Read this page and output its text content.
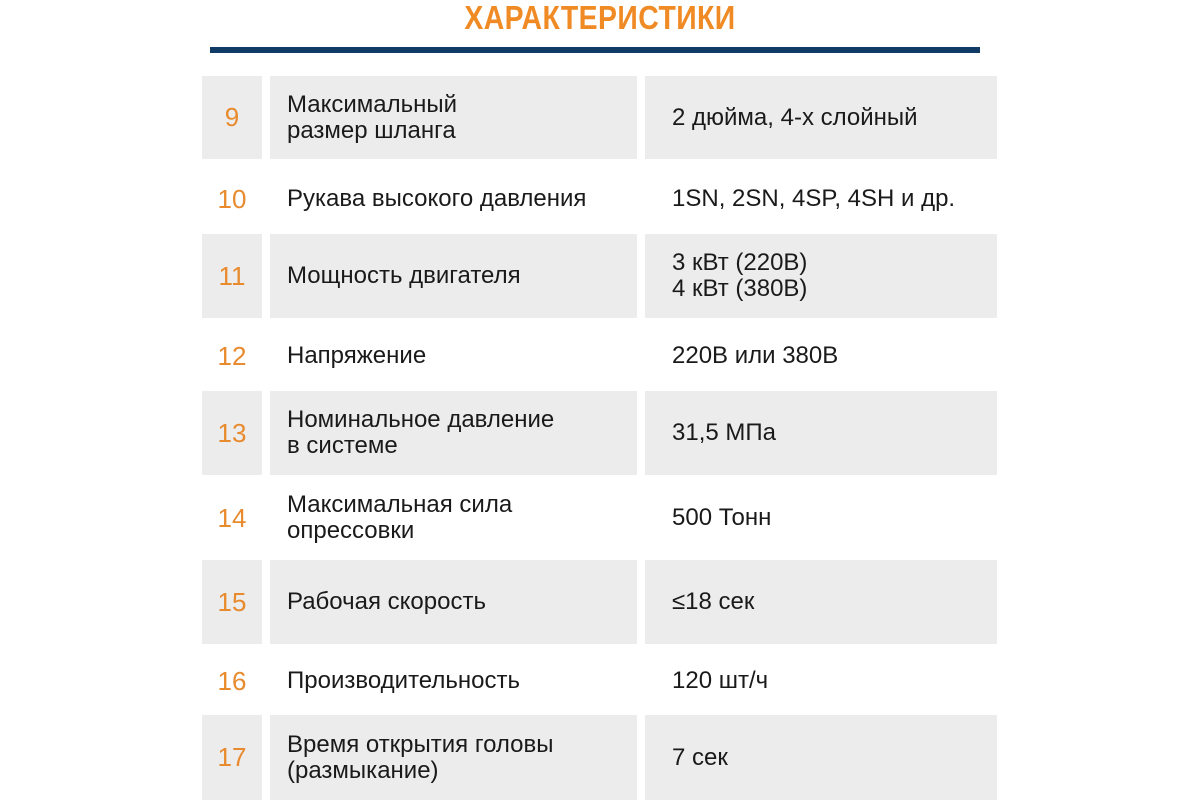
ХАРАКТЕРИСТИКИ
9 Максимальный
размер шланга	2 дюйма, 4-х слойный
10 Рукава высокого давления	1SN, 2SN, 4SP, 4SH и др.
11 Мощность двигателя	3 кВт (220В)
4 кВт (380В)
12 Напряжение	220В или 380В
13 Номинальное давление
в системе	31,5 МПа
14 Максимальная сила
опрессовки	500 Тонн
15 Рабочая скорость	≤18 сек
16 Производительность	120 шт/ч
17 Время открытия головы
(размыкание)	7 сек
